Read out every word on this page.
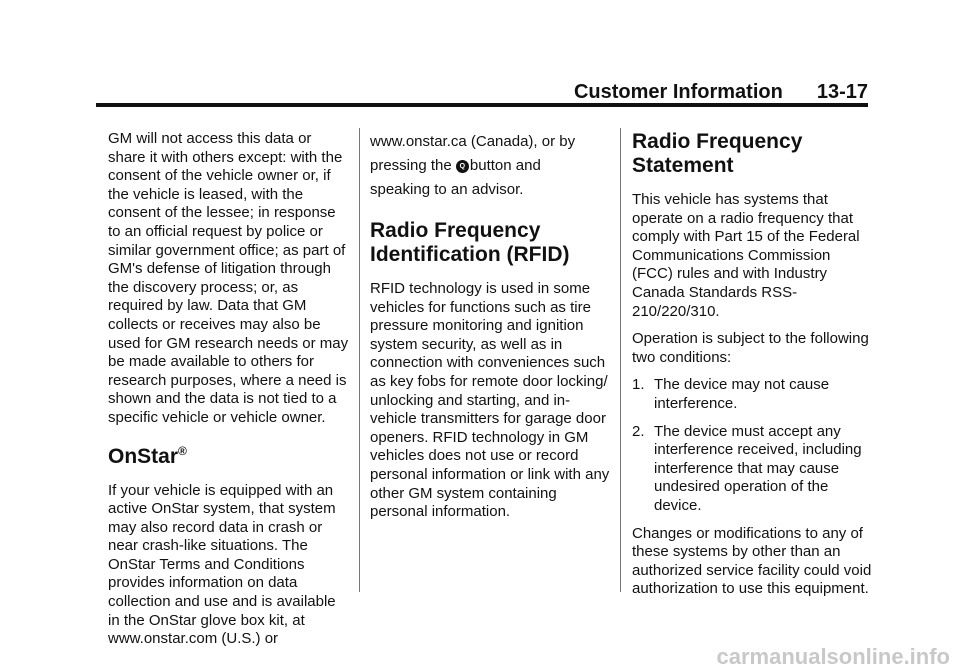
Customer Information 13-17

GM will not access this data or share it with others except: with the consent of the vehicle owner or, if the vehicle is leased, with the consent of the lessee; in response to an official request by police or similar government office; as part of GM's defense of litigation through the discovery process; or, as required by law. Data that GM collects or receives may also be used for GM research needs or may be made available to others for research purposes, where a need is shown and the data is not tied to a specific vehicle or vehicle owner.

OnStar®

If your vehicle is equipped with an active OnStar system, that system may also record data in crash or near crash-like situations. The OnStar Terms and Conditions provides information on data collection and use and is available in the OnStar glove box kit, at www.onstar.com (U.S.) or

www.onstar.ca (Canada), or by
pressing the Q button and
speaking to an advisor.

Radio Frequency Identification (RFID)

RFID technology is used in some vehicles for functions such as tire pressure monitoring and ignition system security, as well as in connection with conveniences such as key fobs for remote door locking/ unlocking and starting, and in-vehicle transmitters for garage door openers. RFID technology in GM vehicles does not use or record personal information or link with any other GM system containing personal information.

Radio Frequency Statement

This vehicle has systems that operate on a radio frequency that comply with Part 15 of the Federal Communications Commission (FCC) rules and with Industry Canada Standards RSS-210/220/310.

Operation is subject to the following two conditions:

1. The device may not cause interference.
2. The device must accept any interference received, including interference that may cause undesired operation of the device.

Changes or modifications to any of these systems by other than an authorized service facility could void authorization to use this equipment.

carmanualsonline.info
